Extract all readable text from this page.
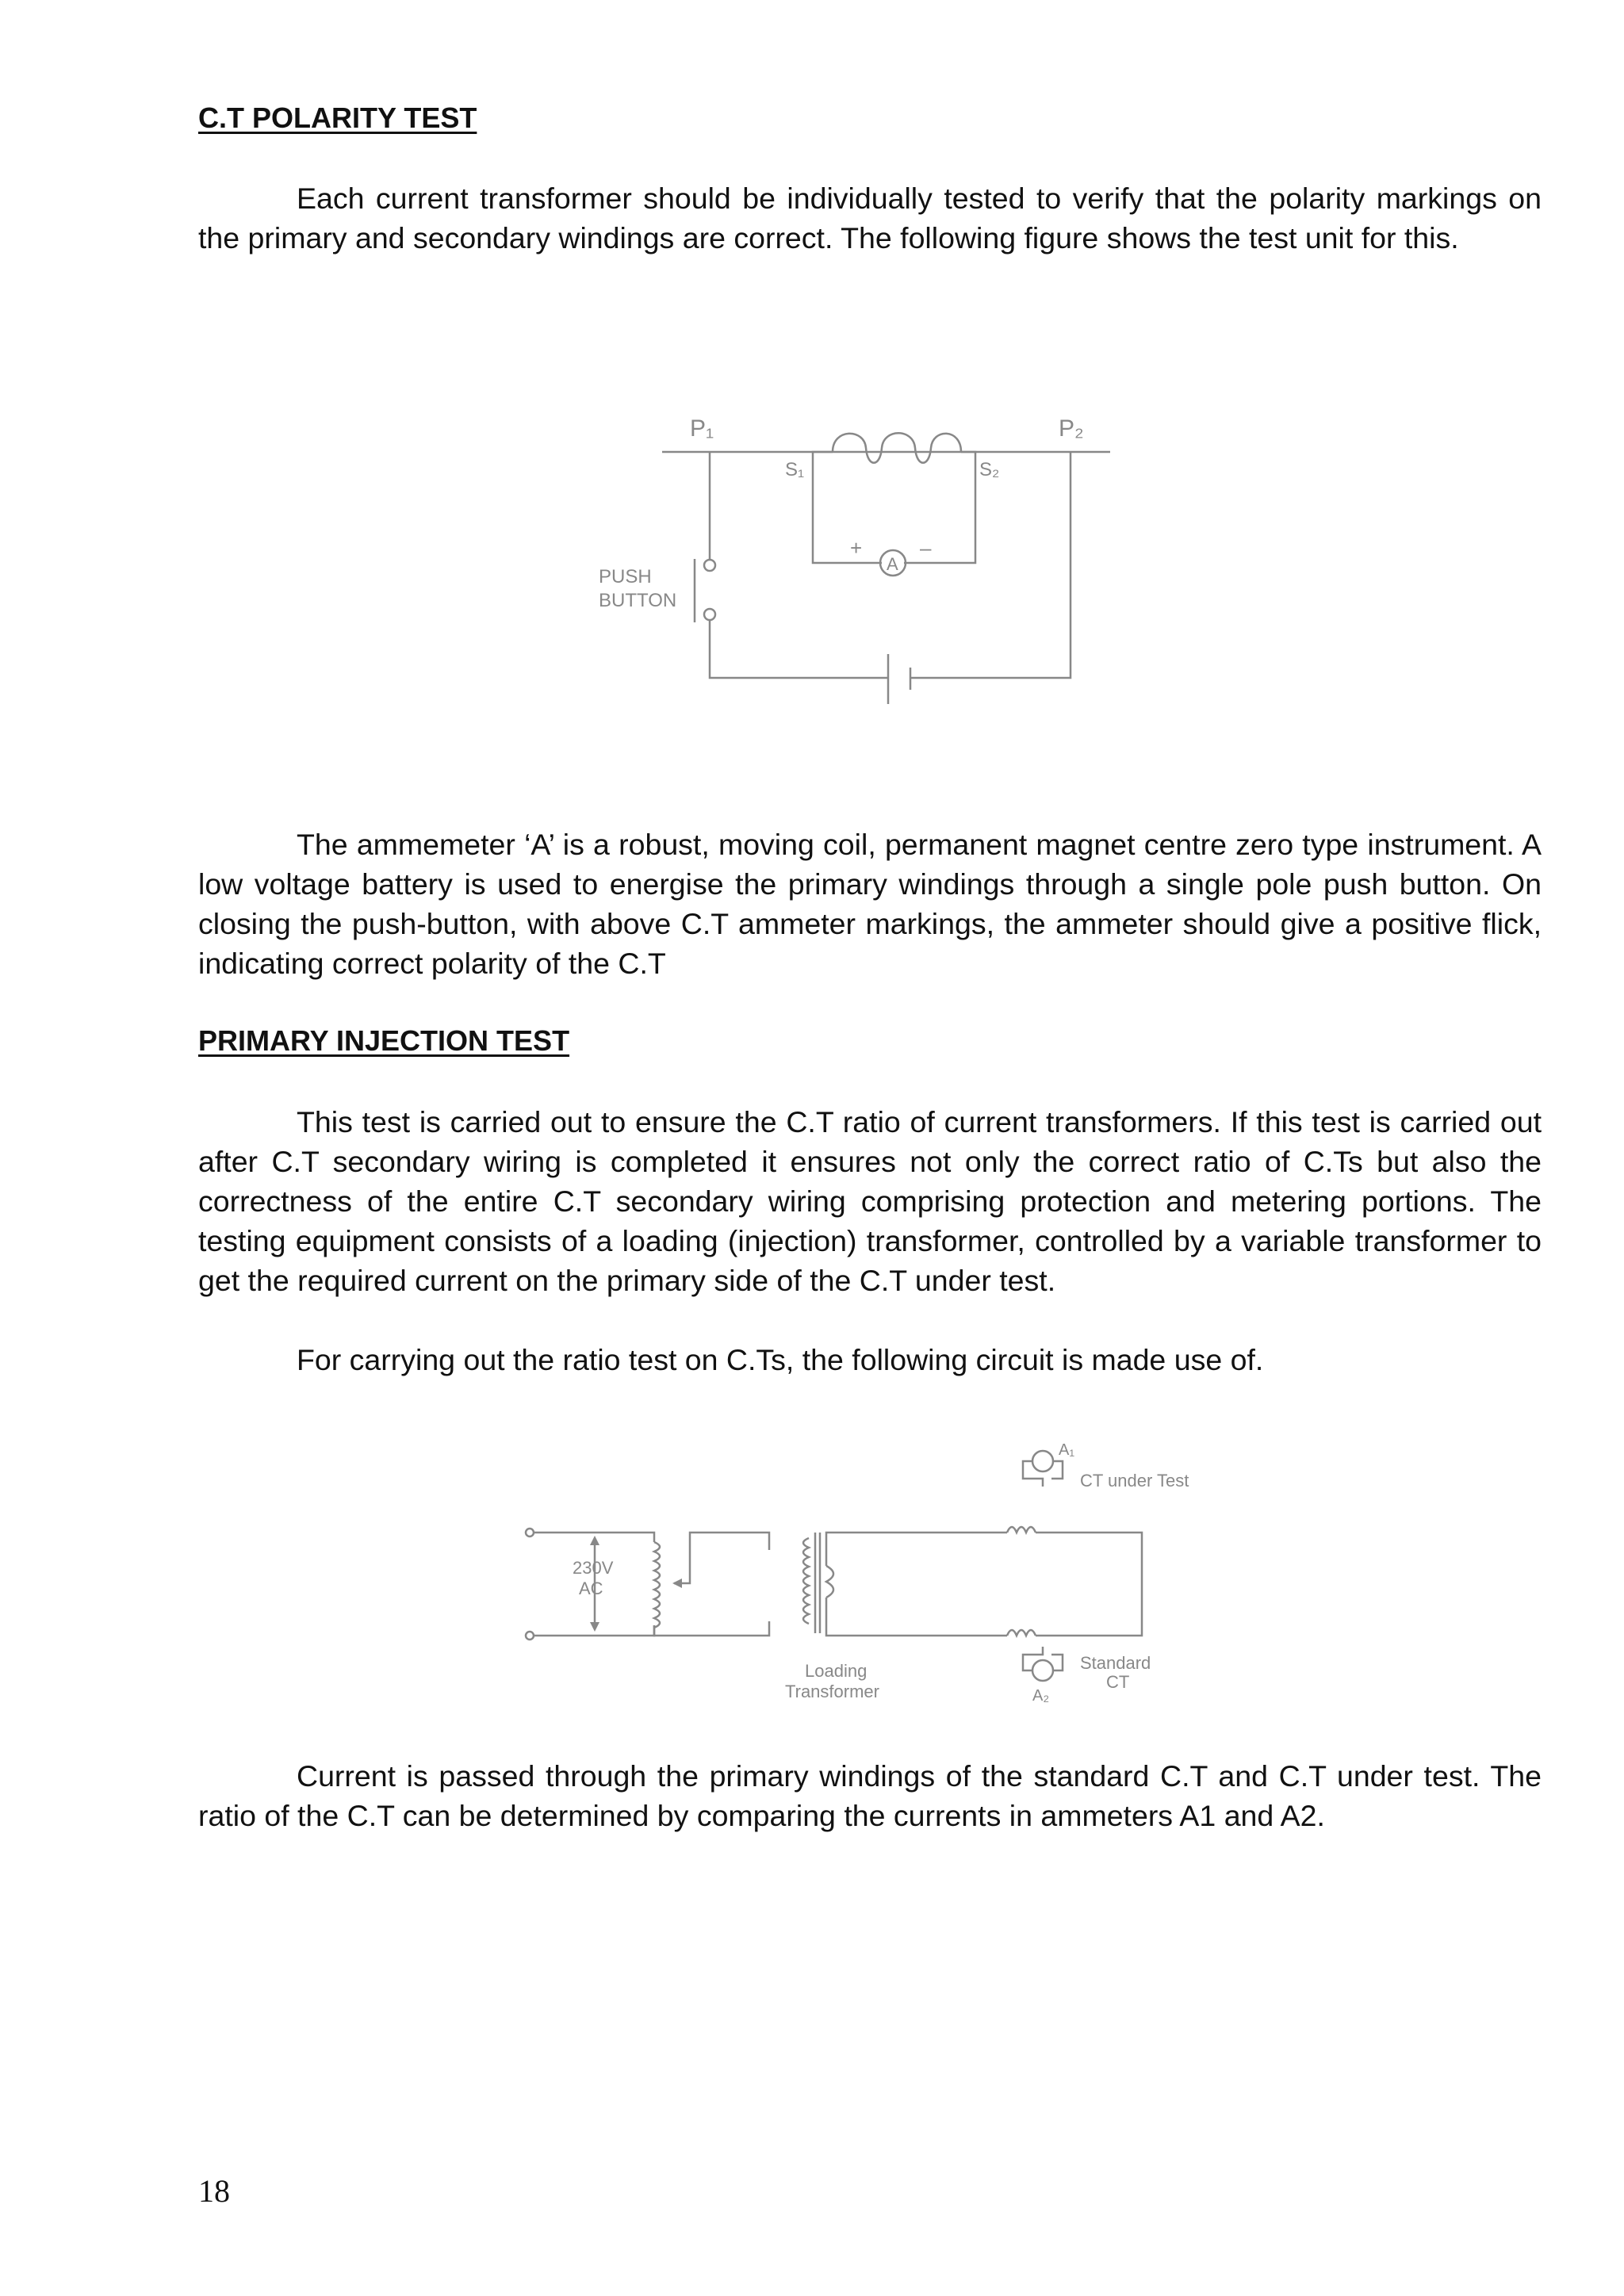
C.T POLARITY TEST
Each current transformer should be individually tested to verify that the polarity markings on the primary and secondary windings are correct. The following figure shows the test unit for this.
P₁	P₂
S₁	S₂
+	–
A
PUSH
BUTTON
The ammemeter ‘A’ is a robust, moving coil, permanent magnet centre zero type instrument. A low voltage battery is used to energise the primary windings through a single pole push button. On closing the push-button, with above C.T ammeter markings, the ammeter should give a positive flick, indicating correct polarity of the C.T
PRIMARY INJECTION TEST
This test is carried out to ensure the C.T ratio of current transformers. If this test is carried out after C.T secondary wiring is completed it ensures not only the correct ratio of C.Ts but also the correctness of the entire C.T secondary wiring comprising protection and metering portions. The testing equipment consists of a loading (injection) transformer, controlled by a variable transformer to get the required current on the primary side of the C.T under test.
For carrying out the ratio test on C.Ts, the following circuit is made use of.
230V
AC
A₁
CT under Test
Loading
Transformer
Standard
CT
A₂
Current is passed through the primary windings of the standard C.T and C.T under test. The ratio of the C.T can be determined by comparing the currents in ammeters A1 and A2.
18
